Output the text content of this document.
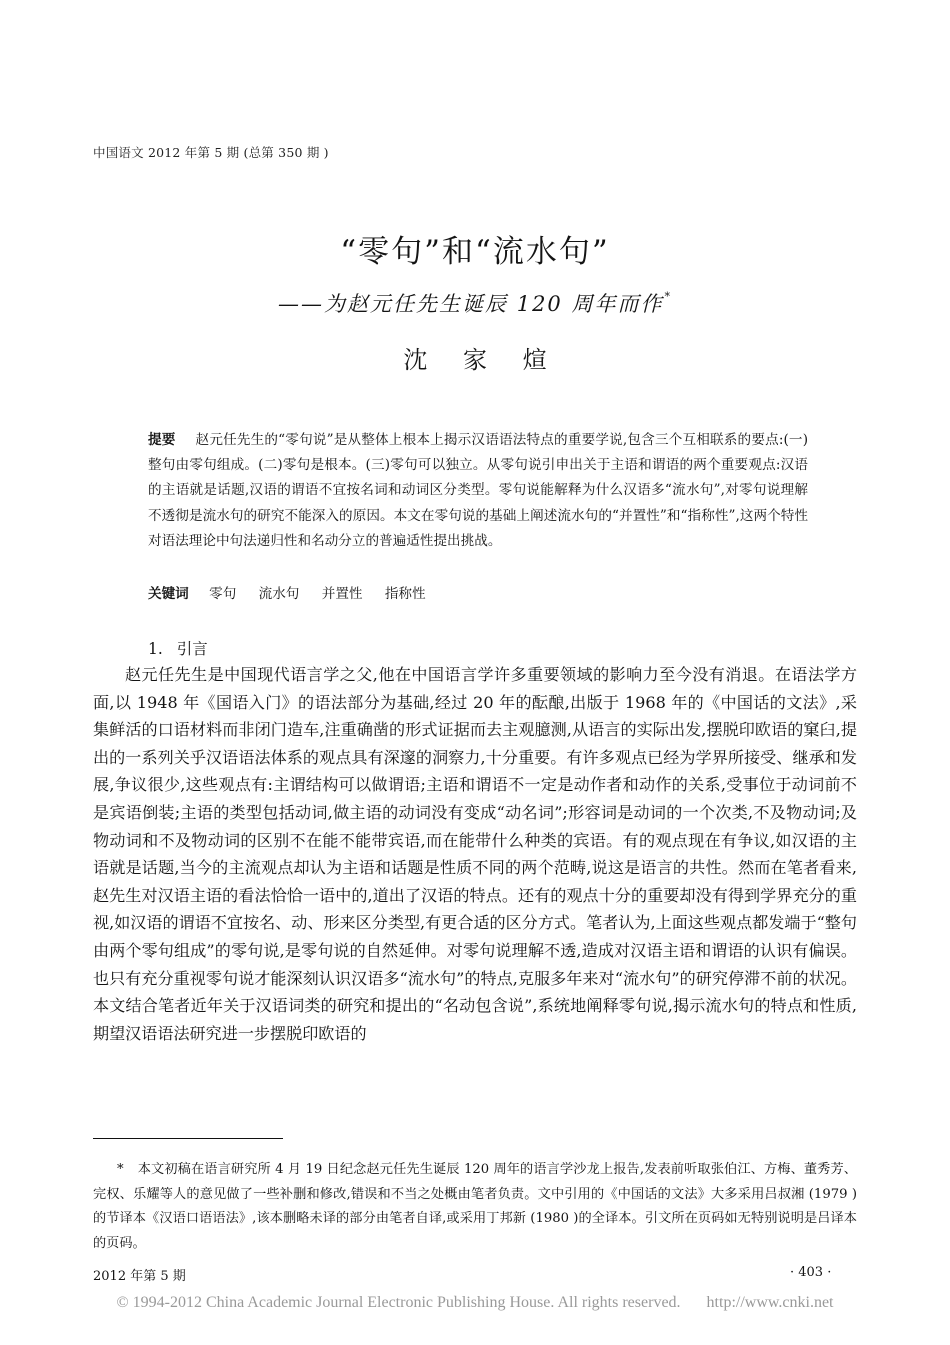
中国语文 2012 年第 5 期 (总第 350 期 )
“零句”和“流水句”
——为赵元任先生诞辰 120 周年而作*
沈 家 煊
提要 赵元任先生的“零句说”是从整体上根本上揭示汉语语法特点的重要学说,包含三个互相联系的要点:(一)整句由零句组成。(二)零句是根本。(三)零句可以独立。从零句说引申出关于主语和谓语的两个重要观点:汉语的主语就是话题,汉语的谓语不宜按名词和动词区分类型。零句说能解释为什么汉语多“流水句”,对零句说理解不透彻是流水句的研究不能深入的原因。本文在零句说的基础上阐述流水句的“并置性”和“指称性”,这两个特性对语法理论中句法递归性和名动分立的普遍适性提出挑战。
关键词 零句 流水句 并置性 指称性
1. 引言
赵元任先生是中国现代语言学之父,他在中国语言学许多重要领域的影响力至今没有消退。在语法学方面,以 1948 年《国语入门》的语法部分为基础,经过 20 年的酝酿,出版于 1968 年的《中国话的文法》,采集鲜活的口语材料而非闭门造车,注重确凿的形式证据而去主观臆测,从语言的实际出发,摆脱印欧语的窠臼,提出的一系列关乎汉语语法体系的观点具有深邃的洞察力,十分重要。有许多观点已经为学界所接受、继承和发展,争议很少,这些观点有:主谓结构可以做谓语;主语和谓语不一定是动作者和动作的关系,受事位于动词前不是宾语倒装;主语的类型包括动词,做主语的动词没有变成“动名词”;形容词是动词的一个次类,不及物动词;及物动词和不及物动词的区别不在能不能带宾语,而在能带什么种类的宾语。有的观点现在有争议,如汉语的主语就是话题,当今的主流观点却认为主语和话题是性质不同的两个范畴,说这是语言的共性。然而在笔者看来,赵先生对汉语主语的看法恰恰一语中的,道出了汉语的特点。还有的观点十分的重要却没有得到学界充分的重视,如汉语的谓语不宜按名、动、形来区分类型,有更合适的区分方式。笔者认为,上面这些观点都发端于“整句由两个零句组成”的零句说,是零句说的自然延伸。对零句说理解不透,造成对汉语主语和谓语的认识有偏误。也只有充分重视零句说才能深刻认识汉语多“流水句”的特点,克服多年来对“流水句”的研究停滞不前的状况。本文结合笔者近年关于汉语词类的研究和提出的“名动包含说”,系统地阐释零句说,揭示流水句的特点和性质,期望汉语语法研究进一步摆脱印欧语的
* 本文初稿在语言研究所 4 月 19 日纪念赵元任先生诞辰 120 周年的语言学沙龙上报告,发表前听取张伯江、方梅、董秀芳、完权、乐耀等人的意见做了一些补删和修改,错误和不当之处概由笔者负责。文中引用的《中国话的文法》大多采用吕叔湘 (1979 )的节译本《汉语口语语法》,该本删略未译的部分由笔者自译,或采用丁邦新 (1980 )的全译本。引文所在页码如无特别说明是吕译本的页码。
2012 年第 5 期	· 403 ·
© 1994-2012 China Academic Journal Electronic Publishing House. All rights reserved. http://www.cnki.net
